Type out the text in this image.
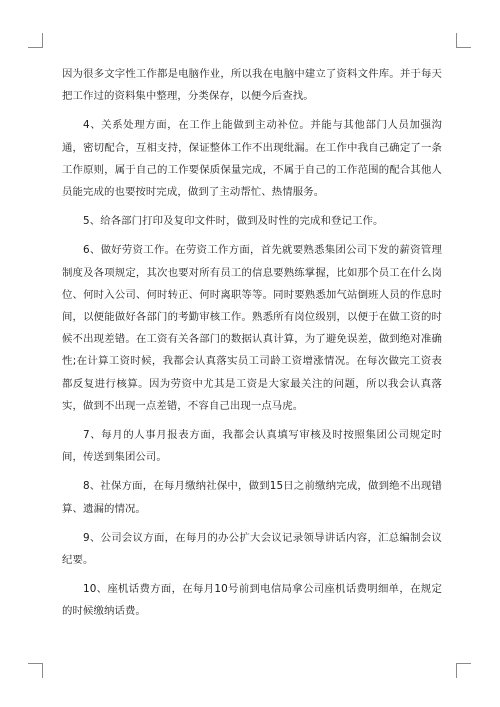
因为很多文字性工作都是电脑作业，所以我在电脑中建立了资料文件库。并于每天把工作过的资料集中整理，分类保存，以便今后查找。

4、关系处理方面，在工作上能做到主动补位。并能与其他部门人员加强沟通，密切配合，互相支持，保证整体工作不出现纰漏。在工作中我自己确定了一条工作原则，属于自己的工作要保质保量完成，不属于自己的工作范围的配合其他人员能完成的也要按时完成，做到了主动帮忙、热情服务。

5、给各部门打印及复印文件时，做到及时性的完成和登记工作。

6、做好劳资工作。在劳资工作方面，首先就要熟悉集团公司下发的薪资管理制度及各项规定，其次也要对所有员工的信息要熟练掌握，比如那个员工在什么岗位、何时入公司、何时转正、何时离职等等。同时要熟悉加气站倒班人员的作息时间，以便能做好各部门的考勤审核工作。熟悉所有岗位级别，以便于在做工资的时候不出现差错。在工资有关各部门的数据认真计算，为了避免误差，做到绝对准确性;在计算工资时候，我都会认真落实员工司龄工资增涨情况。在每次做完工资表都反复进行核算。因为劳资中尤其是工资是大家最关注的问题，所以我会认真落实，做到不出现一点差错，不容自己出现一点马虎。

7、每月的人事月报表方面，我都会认真填写审核及时按照集团公司规定时间，传送到集团公司。

8、社保方面，在每月缴纳社保中，做到15日之前缴纳完成，做到绝不出现错算、遗漏的情况。

9、公司会议方面，在每月的办公扩大会议记录领导讲话内容，汇总编制会议纪要。

10、座机话费方面，在每月10号前到电信局拿公司座机话费明细单，在规定的时候缴纳话费。
